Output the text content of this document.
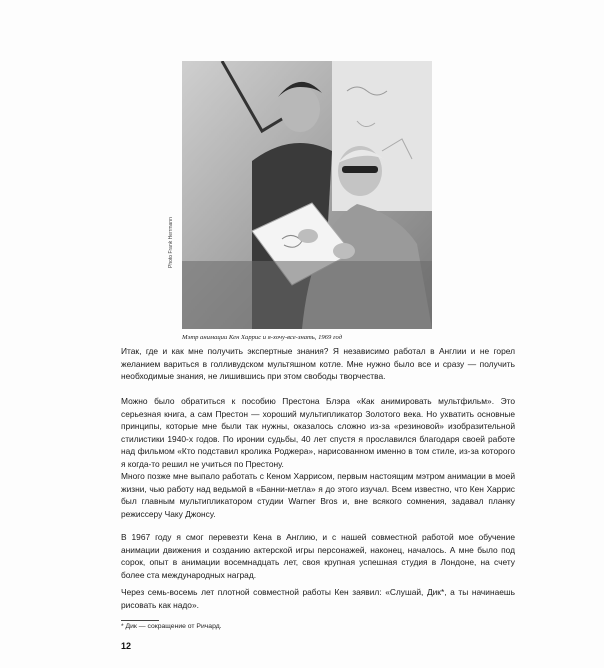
Photo Frank Herrmann
Мэтр анимации Кен Харрис и я-хочу-все-знать, 1969 год

Итак, где и как мне получить экспертные знания? Я независимо работал в Англии и не горел желанием вариться в голливудском мультяшном котле. Мне нужно было все и сразу — получить необходимые знания, не лишившись при этом свободы творчества.

Можно было обратиться к пособию Престона Блэра «Как анимировать мультфильм». Это серьезная книга, а сам Престон — хороший мультипликатор Золотого века. Но ухватить основные принципы, которые мне были так нужны, оказалось сложно из-за «резиновой» изобразительной стилистики 1940-х годов. По иронии судьбы, 40 лет спустя я прославился благодаря своей работе над фильмом «Кто подставил кролика Роджера», нарисованном именно в том стиле, из-за которого я когда-то решил не учиться по Престону.

Много позже мне выпало работать с Кеном Харрисом, первым настоящим мэтром анимации в моей жизни, чью работу над ведьмой в «Банни-метла» я до этого изучал. Всем известно, что Кен Харрис был главным мультипликатором студии Warner Bros и, вне всякого сомнения, задавал планку режиссеру Чаку Джонсу.

В 1967 году я смог перевезти Кена в Англию, и с нашей совместной работой мое обучение анимации движения и созданию актерской игры персонажей, наконец, началось. А мне было под сорок, опыт в анимации восемнадцать лет, своя крупная успешная студия в Лондоне, на счету более ста международных наград.

Через семь-восемь лет плотной совместной работы Кен заявил: «Слушай, Дик*, а ты начинаешь рисовать как надо».

* Дик — сокращение от Ричард.
12
